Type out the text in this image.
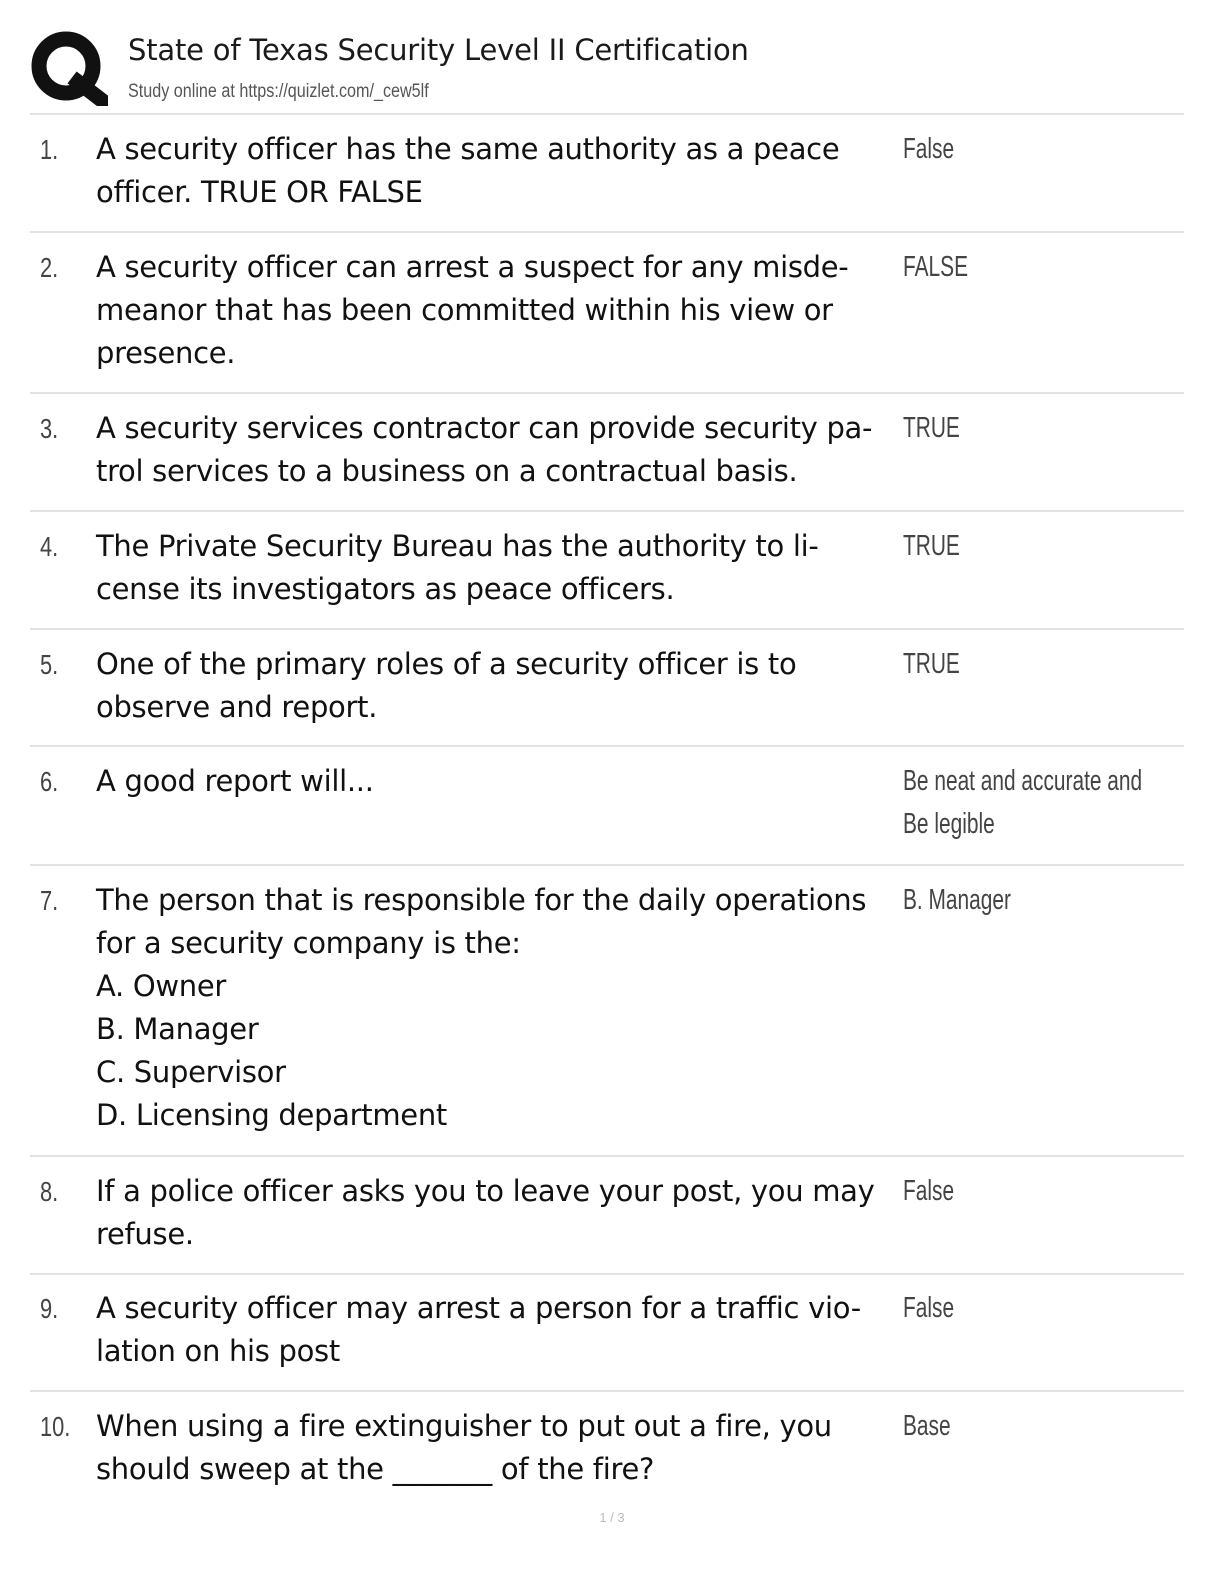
State of Texas Security Level II Certification
Study online at https://quizlet.com/_cew5lf
1. A security officer has the same authority as a peace
officer. TRUE OR FALSE
False
2. A security officer can arrest a suspect for any misde-
meanor that has been committed within his view or
presence.
FALSE
3. A security services contractor can provide security pa-
trol services to a business on a contractual basis.
TRUE
4. The Private Security Bureau has the authority to li-
cense its investigators as peace officers.
TRUE
5. One of the primary roles of a security officer is to
observe and report.
TRUE
6. A good report will...	Be neat and accurate and
Be legible
7. The person that is responsible for the daily operations
for a security company is the:
A. Owner
B. Manager
C. Supervisor
D. Licensing department
B. Manager
8. If a police officer asks you to leave your post, you may
refuse.
False
9. A security officer may arrest a person for a traffic vio-
lation on his post
False
10. When using a fire extinguisher to put out a fire, you
should sweep at the _______ of the fire?
Base
1 / 3
